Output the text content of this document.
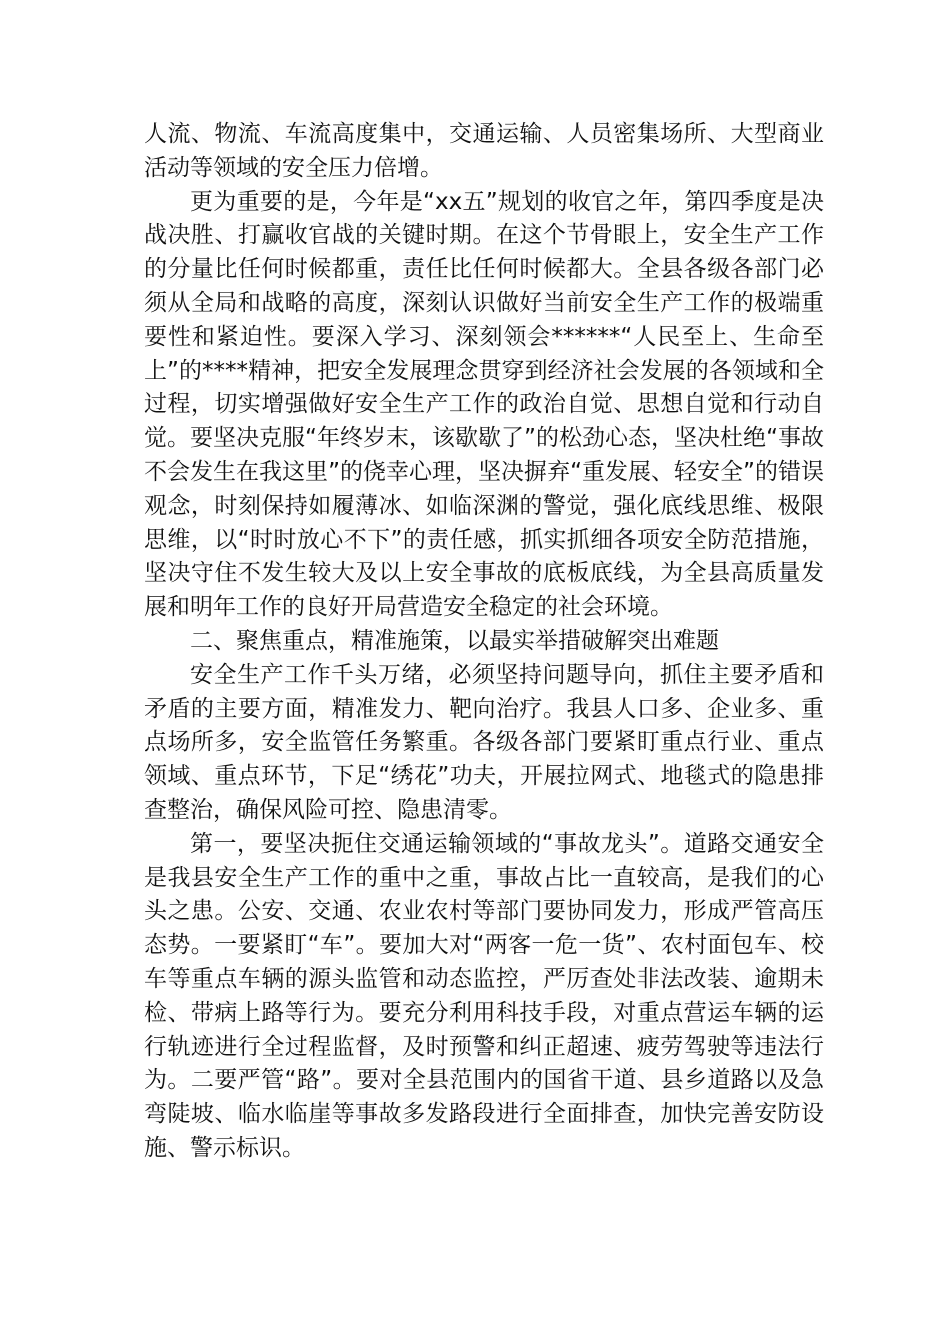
人流、物流、车流高度集中，交通运输、人员密集场所、大型商业活动等领域的安全压力倍增。

更为重要的是，今年是“xx五”规划的收官之年，第四季度是决战决胜、打赢收官战的关键时期。在这个节骨眼上，安全生产工作的分量比任何时候都重，责任比任何时候都大。全县各级各部门必须从全局和战略的高度，深刻认识做好当前安全生产工作的极端重要性和紧迫性。要深入学习、深刻领会******“人民至上、生命至上”的****精神，把安全发展理念贯穿到经济社会发展的各领域和全过程，切实增强做好安全生产工作的政治自觉、思想自觉和行动自觉。要坚决克服“年终岁末，该歇歇了”的松劲心态，坚决杜绝“事故不会发生在我这里”的侥幸心理，坚决摒弃“重发展、轻安全”的错误观念，时刻保持如履薄冰、如临深渊的警觉，强化底线思维、极限思维，以“时时放心不下”的责任感，抓实抓细各项安全防范措施，坚决守住不发生较大及以上安全事故的底板底线，为全县高质量发展和明年工作的良好开局营造安全稳定的社会环境。

二、聚焦重点，精准施策，以最实举措破解突出难题

安全生产工作千头万绪，必须坚持问题导向，抓住主要矛盾和矛盾的主要方面，精准发力、靶向治疗。我县人口多、企业多、重点场所多，安全监管任务繁重。各级各部门要紧盯重点行业、重点领域、重点环节，下足“绣花”功夫，开展拉网式、地毯式的隐患排查整治，确保风险可控、隐患清零。

第一，要坚决扼住交通运输领域的“事故龙头”。道路交通安全是我县安全生产工作的重中之重，事故占比一直较高，是我们的心头之患。公安、交通、农业农村等部门要协同发力，形成严管高压态势。一要紧盯“车”。要加大对“两客一危一货”、农村面包车、校车等重点车辆的源头监管和动态监控，严厉查处非法改装、逾期未检、带病上路等行为。要充分利用科技手段，对重点营运车辆的运行轨迹进行全过程监督，及时预警和纠正超速、疲劳驾驶等违法行为。二要严管“路”。要对全县范围内的国省干道、县乡道路以及急弯陡坡、临水临崖等事故多发路段进行全面排查，加快完善安防设施、警示标识。
